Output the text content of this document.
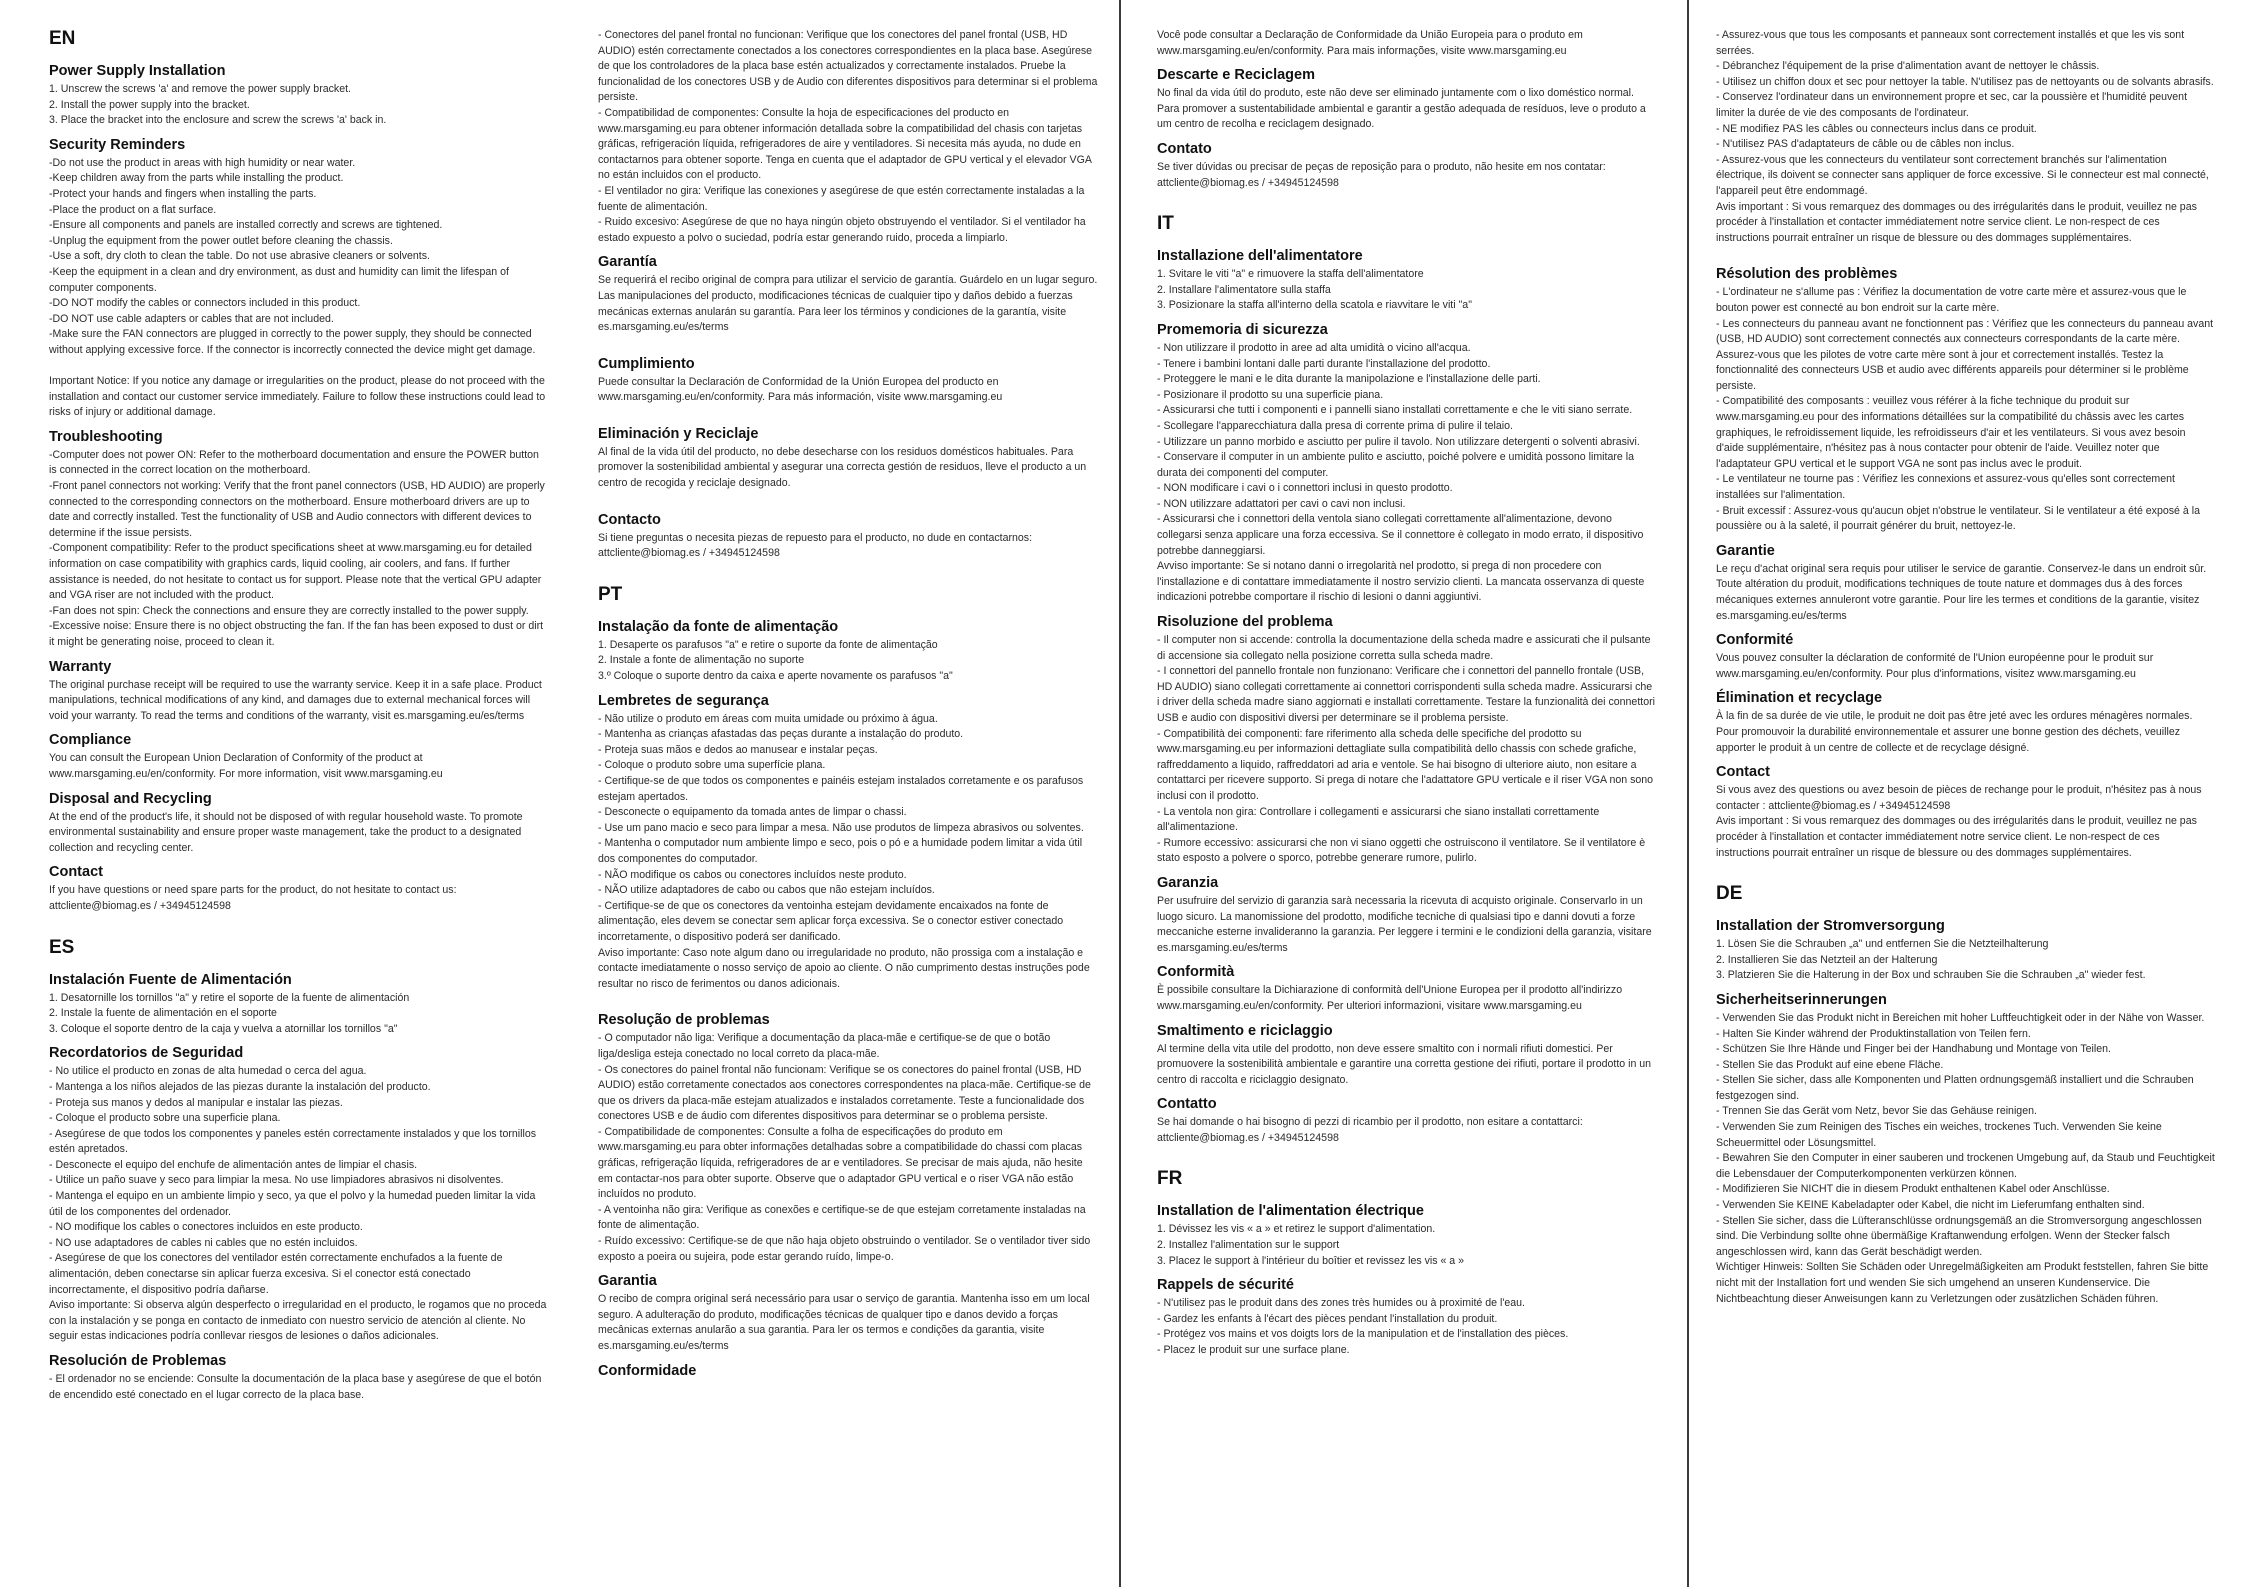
EN
Power Supply Installation

1. Unscrew the screws 'a' and remove the power supply bracket.
2. Install the power supply into the bracket.
3. Place the bracket into the enclosure and screw the screws 'a' back in.

Security Reminders

-Do not use the product in areas with high humidity or near water.
-Keep children away from the parts while installing the product.
-Protect your hands and fingers when installing the parts.
-Place the product on a flat surface.
-Ensure all components and panels are installed correctly and screws are tightened.
-Unplug the equipment from the power outlet before cleaning the chassis.
-Use a soft, dry cloth to clean the table. Do not use abrasive cleaners or solvents.
-Keep the equipment in a clean and dry environment, as dust and humidity can limit the lifespan of computer components.
-DO NOT modify the cables or connectors included in this product.
-DO NOT use cable adapters or cables that are not included.
-Make sure the FAN connectors are plugged in correctly to the power supply, they should be connected without applying excessive force. If the connector is incorrectly connected the device might get damage.

Important Notice: If you notice any damage or irregularities on the product, please do not proceed with the installation and contact our customer service immediately. Failure to follow these instructions could lead to risks of injury or additional damage.

Troubleshooting

-Computer does not power ON: Refer to the motherboard documentation and ensure the POWER button is connected in the correct location on the motherboard.
-Front panel connectors not working: Verify that the front panel connectors (USB, HD AUDIO) are properly connected to the corresponding connectors on the motherboard. Ensure motherboard drivers are up to date and correctly installed. Test the functionality of USB and Audio connectors with different devices to determine if the issue persists.
-Component compatibility: Refer to the product specifications sheet at www.marsgaming.eu for detailed information on case compatibility with graphics cards, liquid cooling, air coolers, and fans. If further assistance is needed, do not hesitate to contact us for support. Please note that the vertical GPU adapter and VGA riser are not included with the product.
-Fan does not spin: Check the connections and ensure they are correctly installed to the power supply.
-Excessive noise: Ensure there is no object obstructing the fan. If the fan has been exposed to dust or dirt it might be generating noise, proceed to clean it.

Warranty

The original purchase receipt will be required to use the warranty service. Keep it in a safe place. Product manipulations, technical modifications of any kind, and damages due to external mechanical forces will void your warranty. To read the terms and conditions of the warranty, visit es.marsgaming.eu/es/terms

Compliance

You can consult the European Union Declaration of Conformity of the product at www.marsgaming.eu/en/conformity. For more information, visit www.marsgaming.eu

Disposal and Recycling

At the end of the product's life, it should not be disposed of with regular household waste. To promote environmental sustainability and ensure proper waste management, take the product to a designated collection and recycling center.

Contact

If you have questions or need spare parts for the product, do not hesitate to contact us: attcliente@biomag.es / +34945124598

ES
Instalación Fuente de Alimentación

1. Desatornille los tornillos "a" y retire el soporte de la fuente de alimentación
2. Instale la fuente de alimentación en el soporte
3. Coloque el soporte dentro de la caja y vuelva a atornillar los tornillos "a"

Recordatorios de Seguridad

- No utilice el producto en zonas de alta humedad o cerca del agua.
- Mantenga a los niños alejados de las piezas durante la instalación del producto.
- Proteja sus manos y dedos al manipular e instalar las piezas.
- Coloque el producto sobre una superficie plana.
- Asegúrese de que todos los componentes y paneles estén correctamente instalados y que los tornillos estén apretados.
- Desconecte el equipo del enchufe de alimentación antes de limpiar el chasis.
- Utilice un paño suave y seco para limpiar la mesa. No use limpiadores abrasivos ni disolventes.
- Mantenga el equipo en un ambiente limpio y seco, ya que el polvo y la humedad pueden limitar la vida útil de los componentes del ordenador.
- NO modifique los cables o conectores incluidos en este producto.
- NO use adaptadores de cables ni cables que no estén incluidos.
- Asegúrese de que los conectores del ventilador estén correctamente enchufados a la fuente de alimentación, deben conectarse sin aplicar fuerza excesiva. Si el conector está conectado incorrectamente, el dispositivo podría dañarse.
Aviso importante: Si observa algún desperfecto o irregularidad en el producto, le rogamos que no proceda con la instalación y se ponga en contacto de inmediato con nuestro servicio de atención al cliente. No seguir estas indicaciones podría conllevar riesgos de lesiones o daños adicionales.

Resolución de Problemas

- El ordenador no se enciende: Consulte la documentación de la placa base y asegúrese de que el botón de encendido esté conectado en el lugar correcto de la placa base.

- Conectores del panel frontal no funcionan: Verifique que los conectores del panel frontal (USB, HD AUDIO) estén correctamente conectados a los conectores correspondientes en la placa base. Asegúrese de que los controladores de la placa base estén actualizados y correctamente instalados. Pruebe la funcionalidad de los conectores USB y de Audio con diferentes dispositivos para determinar si el problema persiste.
- Compatibilidad de componentes: Consulte la hoja de especificaciones del producto en www.marsgaming.eu para obtener información detallada sobre la compatibilidad del chasis con tarjetas gráficas, refrigeración líquida, refrigeradores de aire y ventiladores. Si necesita más ayuda, no dude en contactarnos para obtener soporte. Tenga en cuenta que el adaptador de GPU vertical y el elevador VGA no están incluidos con el producto.
- El ventilador no gira: Verifique las conexiones y asegúrese de que estén correctamente instaladas a la fuente de alimentación.
- Ruido excesivo: Asegúrese de que no haya ningún objeto obstruyendo el ventilador. Si el ventilador ha estado expuesto a polvo o suciedad, podría estar generando ruido, proceda a limpiarlo.

Garantía

Se requerirá el recibo original de compra para utilizar el servicio de garantía. Guárdelo en un lugar seguro. Las manipulaciones del producto, modificaciones técnicas de cualquier tipo y daños debido a fuerzas mecánicas externas anularán su garantía. Para leer los términos y condiciones de la garantía, visite es.marsgaming.eu/es/terms

Cumplimiento

Puede consultar la Declaración de Conformidad de la Unión Europea del producto en www.marsgaming.eu/en/conformity. Para más información, visite www.marsgaming.eu

Eliminación y Reciclaje

Al final de la vida útil del producto, no debe desecharse con los residuos domésticos habituales. Para promover la sostenibilidad ambiental y asegurar una correcta gestión de residuos, lleve el producto a un centro de recogida y reciclaje designado.

Contacto

Si tiene preguntas o necesita piezas de repuesto para el producto, no dude en contactarnos: attcliente@biomag.es / +34945124598

PT
Instalação da fonte de alimentação

1. Desaperte os parafusos "a" e retire o suporte da fonte de alimentação
2. Instale a fonte de alimentação no suporte
3.º Coloque o suporte dentro da caixa e aperte novamente os parafusos "a"

Lembretes de segurança

- Não utilize o produto em áreas com muita umidade ou próximo à água.
- Mantenha as crianças afastadas das peças durante a instalação do produto.
- Proteja suas mãos e dedos ao manusear e instalar peças.
- Coloque o produto sobre uma superfície plana.
- Certifique-se de que todos os componentes e painéis estejam instalados corretamente e os parafusos estejam apertados.
- Desconecte o equipamento da tomada antes de limpar o chassi.
- Use um pano macio e seco para limpar a mesa. Não use produtos de limpeza abrasivos ou solventes.
- Mantenha o computador num ambiente limpo e seco, pois o pó e a humidade podem limitar a vida útil dos componentes do computador.
- NÃO modifique os cabos ou conectores incluídos neste produto.
- NÃO utilize adaptadores de cabo ou cabos que não estejam incluídos.
- Certifique-se de que os conectores da ventoinha estejam devidamente encaixados na fonte de alimentação, eles devem se conectar sem aplicar força excessiva. Se o conector estiver conectado incorretamente, o dispositivo poderá ser danificado.
Aviso importante: Caso note algum dano ou irregularidade no produto, não prossiga com a instalação e contacte imediatamente o nosso serviço de apoio ao cliente. O não cumprimento destas instruções pode resultar no risco de ferimentos ou danos adicionais.

Resolução de problemas

- O computador não liga: Verifique a documentação da placa-mãe e certifique-se de que o botão liga/desliga esteja conectado no local correto da placa-mãe.
- Os conectores do painel frontal não funcionam: Verifique se os conectores do painel frontal (USB, HD AUDIO) estão corretamente conectados aos conectores correspondentes na placa-mãe. Certifique-se de que os drivers da placa-mãe estejam atualizados e instalados corretamente. Teste a funcionalidade dos conectores USB e de áudio com diferentes dispositivos para determinar se o problema persiste.
- Compatibilidade de componentes: Consulte a folha de especificações do produto em www.marsgaming.eu para obter informações detalhadas sobre a compatibilidade do chassi com placas gráficas, refrigeração líquida, refrigeradores de ar e ventiladores. Se precisar de mais ajuda, não hesite em contactar-nos para obter suporte. Observe que o adaptador GPU vertical e o riser VGA não estão incluídos no produto.
- A ventoinha não gira: Verifique as conexões e certifique-se de que estejam corretamente instaladas na fonte de alimentação.
- Ruído excessivo: Certifique-se de que não haja objeto obstruindo o ventilador. Se o ventilador tiver sido exposto a poeira ou sujeira, pode estar gerando ruído, limpe-o.

Garantia

O recibo de compra original será necessário para usar o serviço de garantia. Mantenha isso em um local seguro. A adulteração do produto, modificações técnicas de qualquer tipo e danos devido a forças mecânicas externas anularão a sua garantia. Para ler os termos e condições da garantia, visite es.marsgaming.eu/es/terms

Conformidade

Você pode consultar a Declaração de Conformidade da União Europeia para o produto em www.marsgaming.eu/en/conformity. Para mais informações, visite www.marsgaming.eu

Descarte e Reciclagem

No final da vida útil do produto, este não deve ser eliminado juntamente com o lixo doméstico normal. Para promover a sustentabilidade ambiental e garantir a gestão adequada de resíduos, leve o produto a um centro de recolha e reciclagem designado.

Contato

Se tiver dúvidas ou precisar de peças de reposição para o produto, não hesite em nos contatar: attcliente@biomag.es / +34945124598

IT
Installazione dell'alimentatore

1. Svitare le viti "a" e rimuovere la staffa dell'alimentatore
2. Installare l'alimentatore sulla staffa
3. Posizionare la staffa all'interno della scatola e riavvitare le viti "a"

Promemoria di sicurezza

- Non utilizzare il prodotto in aree ad alta umidità o vicino all'acqua.
- Tenere i bambini lontani dalle parti durante l'installazione del prodotto.
- Proteggere le mani e le dita durante la manipolazione e l'installazione delle parti.
- Posizionare il prodotto su una superficie piana.
- Assicurarsi che tutti i componenti e i pannelli siano installati correttamente e che le viti siano serrate.
- Scollegare l'apparecchiatura dalla presa di corrente prima di pulire il telaio.
- Utilizzare un panno morbido e asciutto per pulire il tavolo. Non utilizzare detergenti o solventi abrasivi.
- Conservare il computer in un ambiente pulito e asciutto, poiché polvere e umidità possono limitare la durata dei componenti del computer.
- NON modificare i cavi o i connettori inclusi in questo prodotto.
- NON utilizzare adattatori per cavi o cavi non inclusi.
- Assicurarsi che i connettori della ventola siano collegati correttamente all'alimentazione, devono collegarsi senza applicare una forza eccessiva. Se il connettore è collegato in modo errato, il dispositivo potrebbe danneggiarsi.
Avviso importante: Se si notano danni o irregolarità nel prodotto, si prega di non procedere con l'installazione e di contattare immediatamente il nostro servizio clienti. La mancata osservanza di queste indicazioni potrebbe comportare il rischio di lesioni o danni aggiuntivi.

Risoluzione del problema

- Il computer non si accende: controlla la documentazione della scheda madre e assicurati che il pulsante di accensione sia collegato nella posizione corretta sulla scheda madre.
- I connettori del pannello frontale non funzionano: Verificare che i connettori del pannello frontale (USB, HD AUDIO) siano collegati correttamente ai connettori corrispondenti sulla scheda madre. Assicurarsi che i driver della scheda madre siano aggiornati e installati correttamente. Testare la funzionalità dei connettori USB e audio con dispositivi diversi per determinare se il problema persiste.
- Compatibilità dei componenti: fare riferimento alla scheda delle specifiche del prodotto su www.marsgaming.eu per informazioni dettagliate sulla compatibilità dello chassis con schede grafiche, raffreddamento a liquido, raffreddatori ad aria e ventole. Se hai bisogno di ulteriore aiuto, non esitare a contattarci per ricevere supporto. Si prega di notare che l'adattatore GPU verticale e il riser VGA non sono inclusi con il prodotto.
- La ventola non gira: Controllare i collegamenti e assicurarsi che siano installati correttamente all'alimentazione.
- Rumore eccessivo: assicurarsi che non vi siano oggetti che ostruiscono il ventilatore. Se il ventilatore è stato esposto a polvere o sporco, potrebbe generare rumore, pulirlo.

Garanzia

Per usufruire del servizio di garanzia sarà necessaria la ricevuta di acquisto originale. Conservarlo in un luogo sicuro. La manomissione del prodotto, modifiche tecniche di qualsiasi tipo e danni dovuti a forze meccaniche esterne invalideranno la garanzia. Per leggere i termini e le condizioni della garanzia, visitare es.marsgaming.eu/es/terms

Conformità

È possibile consultare la Dichiarazione di conformità dell'Unione Europea per il prodotto all'indirizzo www.marsgaming.eu/en/conformity. Per ulteriori informazioni, visitare www.marsgaming.eu

Smaltimento e riciclaggio

Al termine della vita utile del prodotto, non deve essere smaltito con i normali rifiuti domestici. Per promuovere la sostenibilità ambientale e garantire una corretta gestione dei rifiuti, portare il prodotto in un centro di raccolta e riciclaggio designato.

Contatto

Se hai domande o hai bisogno di pezzi di ricambio per il prodotto, non esitare a contattarci: attcliente@biomag.es / +34945124598

FR
Installation de l'alimentation électrique

1. Dévissez les vis « a » et retirez le support d'alimentation.
2. Installez l'alimentation sur le support
3. Placez le support à l'intérieur du boîtier et revissez les vis « a »

Rappels de sécurité

- N'utilisez pas le produit dans des zones très humides ou à proximité de l'eau.
- Gardez les enfants à l'écart des pièces pendant l'installation du produit.
- Protégez vos mains et vos doigts lors de la manipulation et de l'installation des pièces.
- Placez le produit sur une surface plane.

- Assurez-vous que tous les composants et panneaux sont correctement installés et que les vis sont serrées.
- Débranchez l'équipement de la prise d'alimentation avant de nettoyer le châssis.
- Utilisez un chiffon doux et sec pour nettoyer la table. N'utilisez pas de nettoyants ou de solvants abrasifs.
- Conservez l'ordinateur dans un environnement propre et sec, car la poussière et l'humidité peuvent limiter la durée de vie des composants de l'ordinateur.
- NE modifiez PAS les câbles ou connecteurs inclus dans ce produit.
- N'utilisez PAS d'adaptateurs de câble ou de câbles non inclus.
- Assurez-vous que les connecteurs du ventilateur sont correctement branchés sur l'alimentation électrique, ils doivent se connecter sans appliquer de force excessive. Si le connecteur est mal connecté, l'appareil peut être endommagé.
Avis important : Si vous remarquez des dommages ou des irrégularités dans le produit, veuillez ne pas procéder à l'installation et contacter immédiatement notre service client. Le non-respect de ces instructions pourrait entraîner un risque de blessure ou des dommages supplémentaires.

Résolution des problèmes

- L'ordinateur ne s'allume pas : Vérifiez la documentation de votre carte mère et assurez-vous que le bouton power est connecté au bon endroit sur la carte mère.
- Les connecteurs du panneau avant ne fonctionnent pas : Vérifiez que les connecteurs du panneau avant (USB, HD AUDIO) sont correctement connectés aux connecteurs correspondants de la carte mère. Assurez-vous que les pilotes de votre carte mère sont à jour et correctement installés. Testez la fonctionnalité des connecteurs USB et audio avec différents appareils pour déterminer si le problème persiste.
- Compatibilité des composants : veuillez vous référer à la fiche technique du produit sur www.marsgaming.eu pour des informations détaillées sur la compatibilité du châssis avec les cartes graphiques, le refroidissement liquide, les refroidisseurs d'air et les ventilateurs. Si vous avez besoin d'aide supplémentaire, n'hésitez pas à nous contacter pour obtenir de l'aide. Veuillez noter que l'adaptateur GPU vertical et le support VGA ne sont pas inclus avec le produit.
- Le ventilateur ne tourne pas : Vérifiez les connexions et assurez-vous qu'elles sont correctement installées sur l'alimentation.
- Bruit excessif : Assurez-vous qu'aucun objet n'obstrue le ventilateur. Si le ventilateur a été exposé à la poussière ou à la saleté, il pourrait générer du bruit, nettoyez-le.

Garantie

Le reçu d'achat original sera requis pour utiliser le service de garantie. Conservez-le dans un endroit sûr. Toute altération du produit, modifications techniques de toute nature et dommages dus à des forces mécaniques externes annuleront votre garantie. Pour lire les termes et conditions de la garantie, visitez es.marsgaming.eu/es/terms

Conformité

Vous pouvez consulter la déclaration de conformité de l'Union européenne pour le produit sur www.marsgaming.eu/en/conformity. Pour plus d'informations, visitez www.marsgaming.eu

Élimination et recyclage

À la fin de sa durée de vie utile, le produit ne doit pas être jeté avec les ordures ménagères normales. Pour promouvoir la durabilité environnementale et assurer une bonne gestion des déchets, veuillez apporter le produit à un centre de collecte et de recyclage désigné.

Contact

Si vous avez des questions ou avez besoin de pièces de rechange pour le produit, n'hésitez pas à nous contacter : attcliente@biomag.es / +34945124598
Avis important : Si vous remarquez des dommages ou des irrégularités dans le produit, veuillez ne pas procéder à l'installation et contacter immédiatement notre service client. Le non-respect de ces instructions pourrait entraîner un risque de blessure ou des dommages supplémentaires.

DE
Installation der Stromversorgung

1. Lösen Sie die Schrauben „a" und entfernen Sie die Netzteilhalterung
2. Installieren Sie das Netzteil an der Halterung
3. Platzieren Sie die Halterung in der Box und schrauben Sie die Schrauben „a" wieder fest.

Sicherheitserinnerungen

- Verwenden Sie das Produkt nicht in Bereichen mit hoher Luftfeuchtigkeit oder in der Nähe von Wasser.
- Halten Sie Kinder während der Produktinstallation von Teilen fern.
- Schützen Sie Ihre Hände und Finger bei der Handhabung und Montage von Teilen.
- Stellen Sie das Produkt auf eine ebene Fläche.
- Stellen Sie sicher, dass alle Komponenten und Platten ordnungsgemäß installiert und die Schrauben festgezogen sind.
- Trennen Sie das Gerät vom Netz, bevor Sie das Gehäuse reinigen.
- Verwenden Sie zum Reinigen des Tisches ein weiches, trockenes Tuch. Verwenden Sie keine Scheuermittel oder Lösungsmittel.
- Bewahren Sie den Computer in einer sauberen und trockenen Umgebung auf, da Staub und Feuchtigkeit die Lebensdauer der Computerkomponenten verkürzen können.
- Modifizieren Sie NICHT die in diesem Produkt enthaltenen Kabel oder Anschlüsse.
- Verwenden Sie KEINE Kabeladapter oder Kabel, die nicht im Lieferumfang enthalten sind.
- Stellen Sie sicher, dass die Lüfteranschlüsse ordnungsgemäß an die Stromversorgung angeschlossen sind. Die Verbindung sollte ohne übermäßige Kraftanwendung erfolgen. Wenn der Stecker falsch angeschlossen wird, kann das Gerät beschädigt werden.
Wichtiger Hinweis: Sollten Sie Schäden oder Unregelmäßigkeiten am Produkt feststellen, fahren Sie bitte nicht mit der Installation fort und wenden Sie sich umgehend an unseren Kundenservice. Die Nichtbeachtung dieser Anweisungen kann zu Verletzungen oder zusätzlichen Schäden führen.
